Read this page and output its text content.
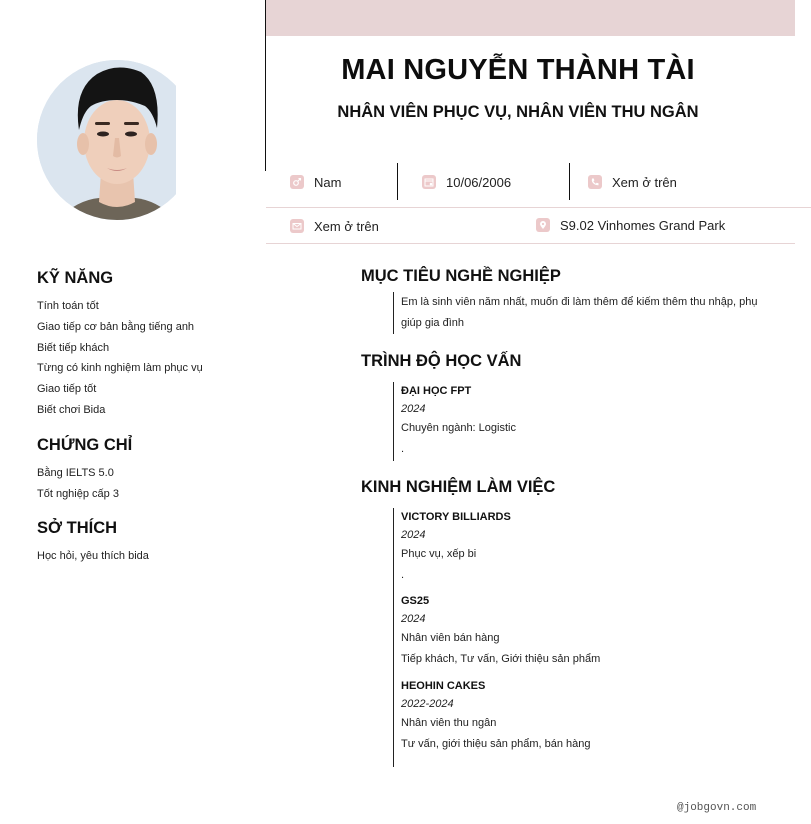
MAI NGUYỄN THÀNH TÀI
NHÂN VIÊN PHỤC VỤ, NHÂN VIÊN THU NGÂN
Nam	10/06/2006	Xem ở trên
Xem ở trên	S9.02 Vinhomes Grand Park
KỸ NĂNG
Tính toán tốt
Giao tiếp cơ bản bằng tiếng anh
Biết tiếp khách
Từng có kinh nghiệm làm phục vụ
Giao tiếp tốt
Biết chơi Bida
CHỨNG CHỈ
Bằng IELTS 5.0
Tốt nghiệp cấp 3
SỞ THÍCH
Học hỏi, yêu thích bida
MỤC TIÊU NGHỀ NGHIỆP
Em là sinh viên năm nhất, muốn đi làm thêm để kiếm thêm thu nhập, phụ giúp gia đình
TRÌNH ĐỘ HỌC VẤN
ĐẠI HỌC FPT
2024
Chuyên ngành: Logistic
.
KINH NGHIỆM LÀM VIỆC
VICTORY BILLIARDS
2024
Phục vụ, xếp bi
.
GS25
2024
Nhân viên bán hàng
Tiếp khách, Tư vấn, Giới thiệu sản phẩm
HEOHIN CAKES
2022-2024
Nhân viên thu ngân
Tư vấn, giới thiệu sản phẩm, bán hàng
@jobgovn.com
